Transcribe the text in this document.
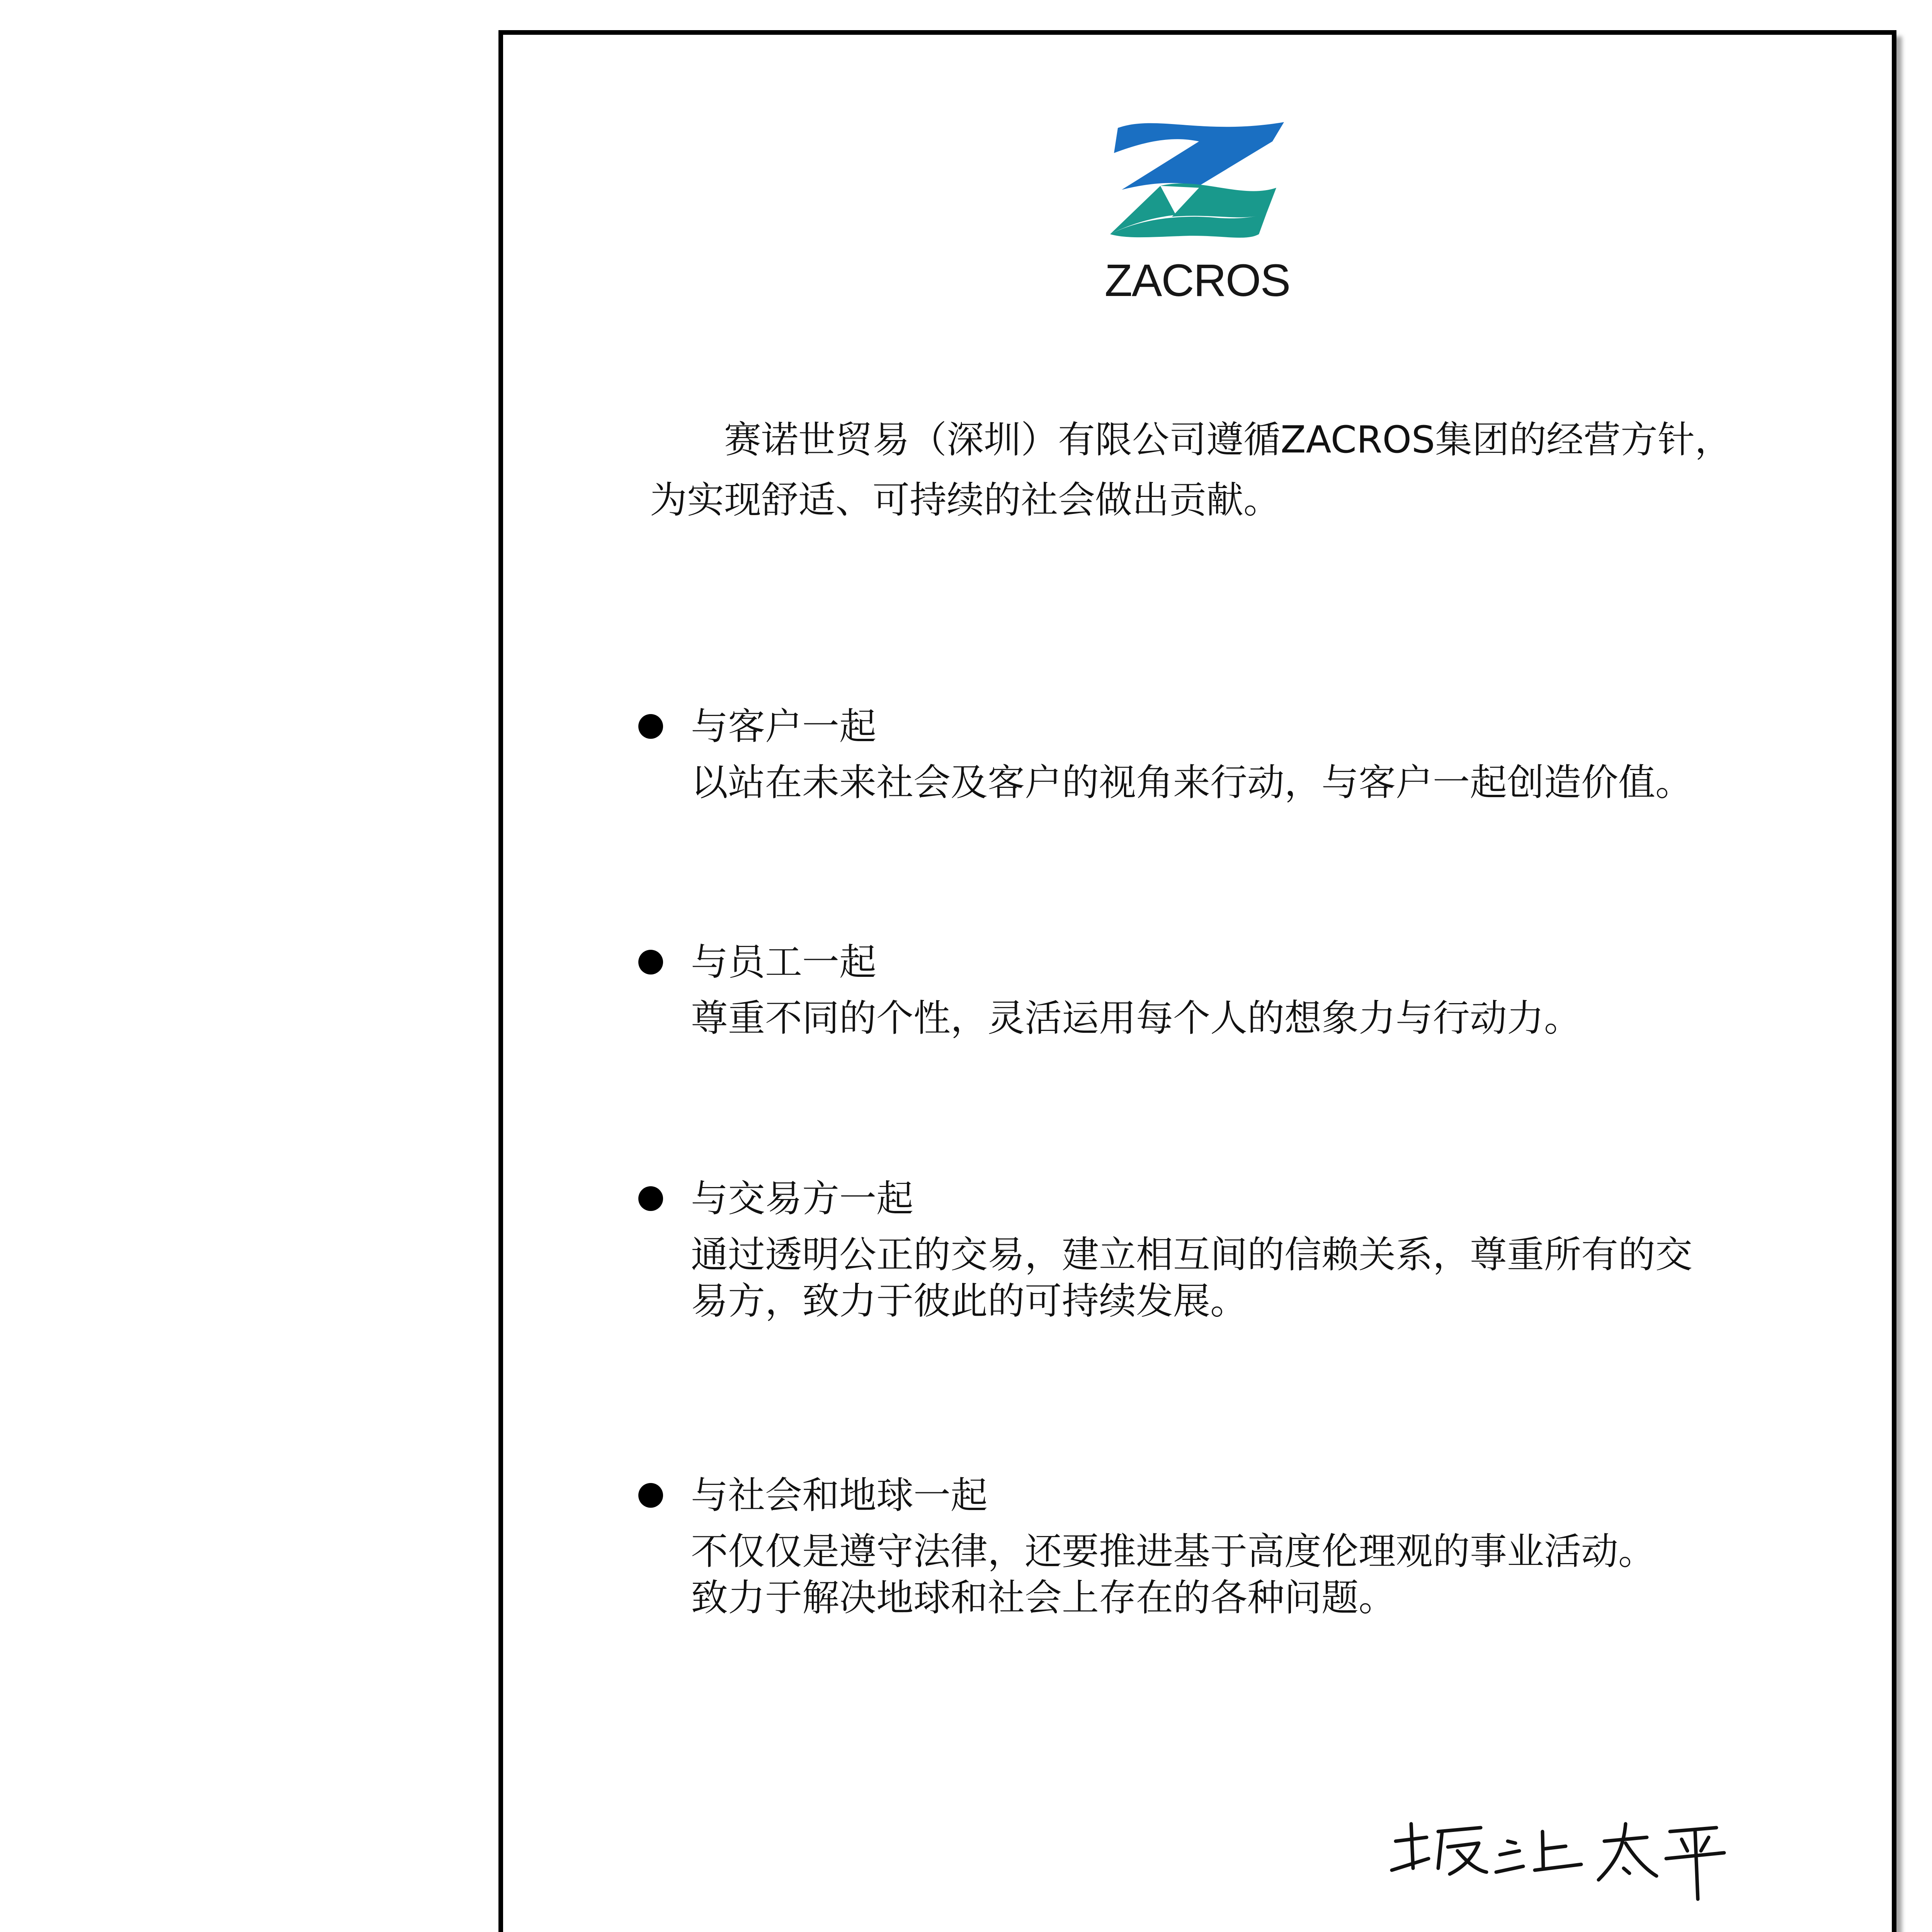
ZACROS
赛诺世贸易（深圳）有限公司遵循ZACROS集团的经营方针，
为实现舒适、可持续的社会做出贡献。
与客户一起
以站在未来社会及客户的视角来行动，与客户一起创造价值。
与员工一起
尊重不同的个性，灵活运用每个人的想象力与行动力。
与交易方一起
通过透明公正的交易，建立相互间的信赖关系，尊重所有的交
易方，致力于彼此的可持续发展。
与社会和地球一起
不仅仅是遵守法律，还要推进基于高度伦理观的事业活动。
致力于解决地球和社会上存在的各种问题。
